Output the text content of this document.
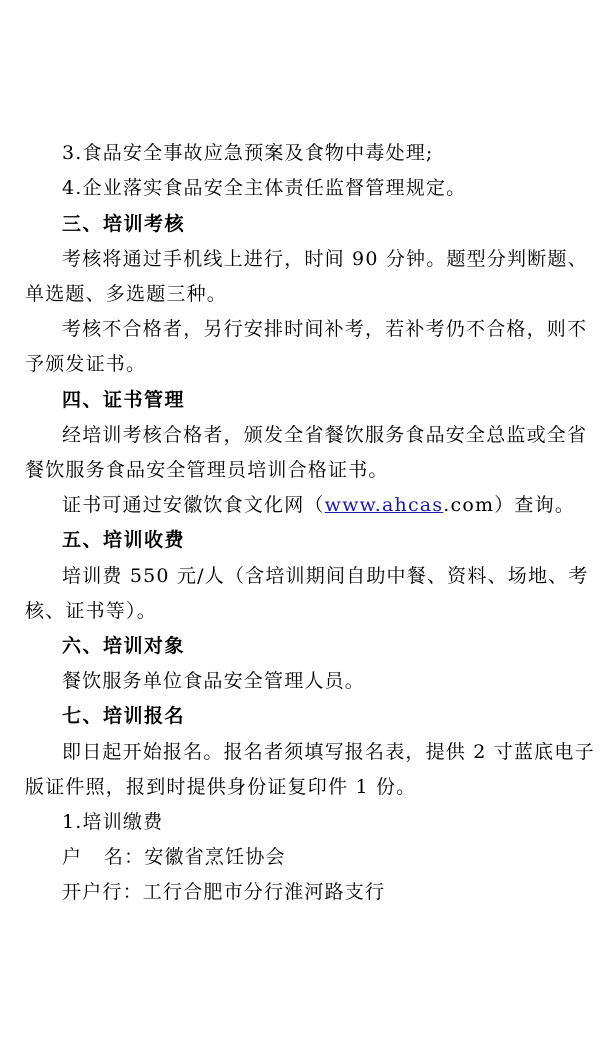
3.食品安全事故应急预案及食物中毒处理;
4.企业落实食品安全主体责任监督管理规定。
三、培训考核
考核将通过手机线上进行，时间 90 分钟。题型分判断题、
单选题、多选题三种。
考核不合格者，另行安排时间补考，若补考仍不合格，则不
予颁发证书。
四、证书管理
经培训考核合格者，颁发全省餐饮服务食品安全总监或全省
餐饮服务食品安全管理员培训合格证书。
证书可通过安徽饮食文化网（www.ahcas.com）查询。
五、培训收费
培训费 550 元/人（含培训期间自助中餐、资料、场地、考
核、证书等）。
六、培训对象
餐饮服务单位食品安全管理人员。
七、培训报名
即日起开始报名。报名者须填写报名表，提供 2 寸蓝底电子
版证件照，报到时提供身份证复印件 1 份。
1.培训缴费
户   名：安徽省烹饪协会
开户行：工行合肥市分行淮河路支行
